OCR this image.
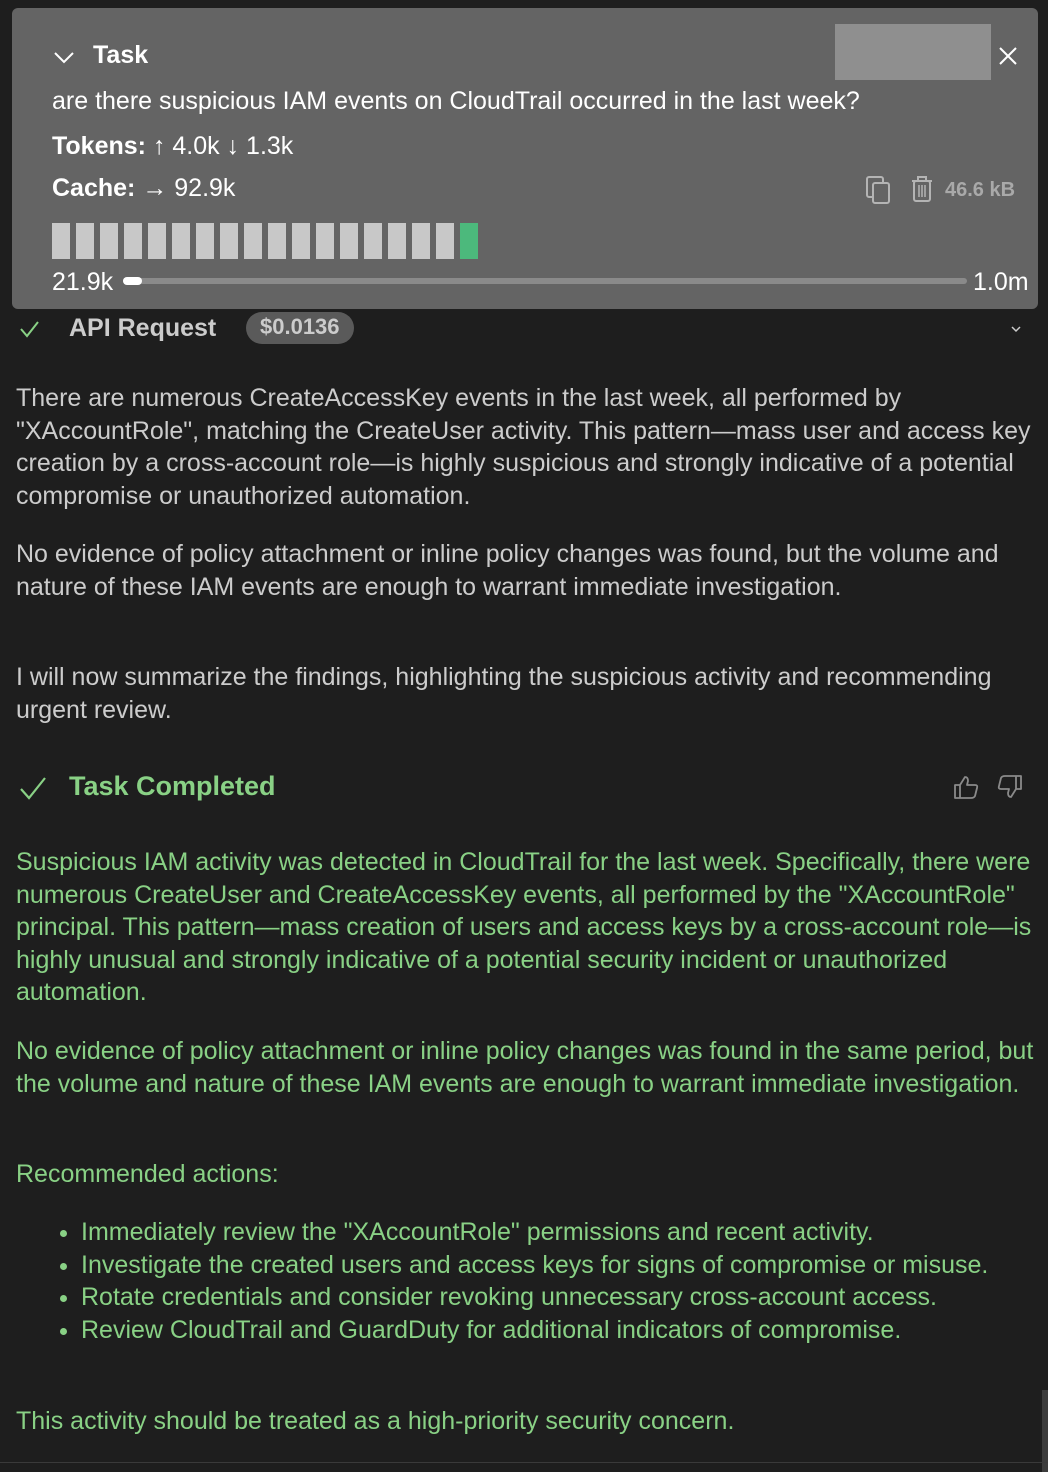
API Request	$0.0136
Task
are there suspicious IAM events on CloudTrail occurred in the last week?
Tokens: ↑ 4.0k ↓ 1.3k
Cache: → 92.9k	46.6 kB
21.9k	1.0m
There are numerous CreateAccessKey events in the last week, all performed by "XAccountRole", matching the CreateUser activity. This pattern—mass user and access key creation by a cross-account role—is highly suspicious and strongly indicative of a potential compromise or unauthorized automation.
No evidence of policy attachment or inline policy changes was found, but the volume and nature of these IAM events are enough to warrant immediate investigation.
I will now summarize the findings, highlighting the suspicious activity and recommending urgent review.
Task Completed
Suspicious IAM activity was detected in CloudTrail for the last week. Specifically, there were numerous CreateUser and CreateAccessKey events, all performed by the "XAccountRole" principal. This pattern—mass creation of users and access keys by a cross-account role—is highly unusual and strongly indicative of a potential security incident or unauthorized automation.
No evidence of policy attachment or inline policy changes was found in the same period, but the volume and nature of these IAM events are enough to warrant immediate investigation.
Recommended actions:
• Immediately review the "XAccountRole" permissions and recent activity.
• Investigate the created users and access keys for signs of compromise or misuse.
• Rotate credentials and consider revoking unnecessary cross-account access.
• Review CloudTrail and GuardDuty for additional indicators of compromise.
This activity should be treated as a high-priority security concern.
